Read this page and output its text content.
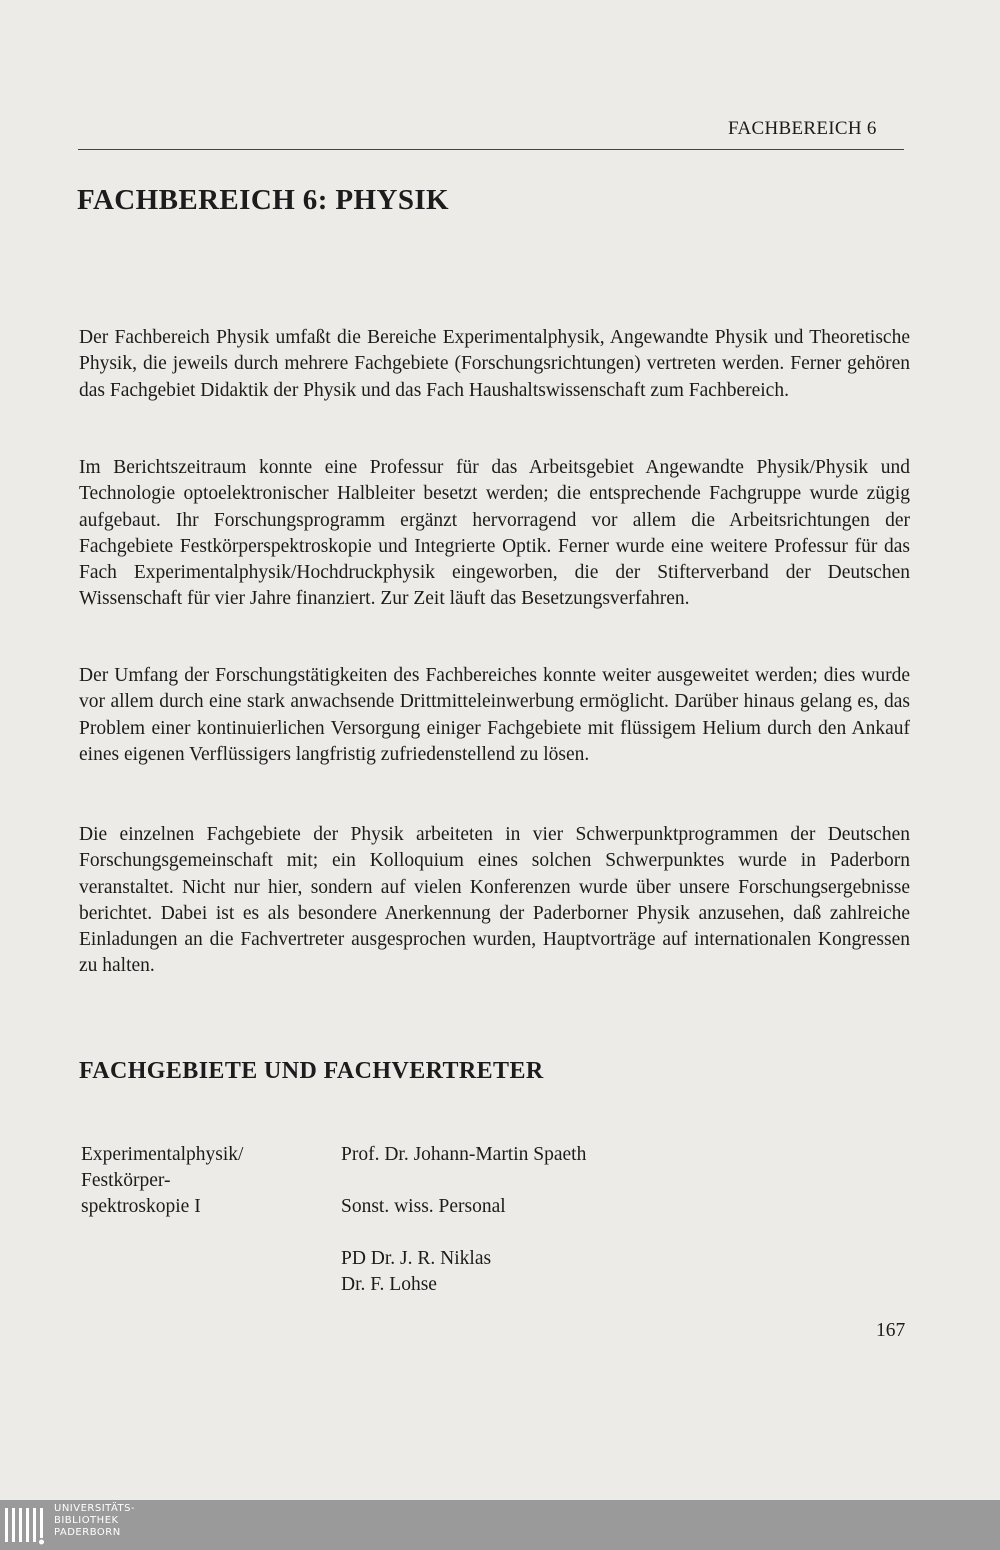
FACHBEREICH 6
FACHBEREICH 6: PHYSIK

Der Fachbereich Physik umfaßt die Bereiche Experimentalphysik, Angewandte Physik und Theoretische Physik, die jeweils durch mehrere Fachgebiete (Forschungsrichtungen) vertreten werden. Ferner gehören das Fachgebiet Didaktik der Physik und das Fach Haushaltswissenschaft zum Fachbereich.

Im Berichtszeitraum konnte eine Professur für das Arbeitsgebiet Angewandte Physik/Physik und Technologie optoelektronischer Halbleiter besetzt werden; die entsprechende Fachgruppe wurde zügig aufgebaut. Ihr Forschungsprogramm ergänzt hervorragend vor allem die Arbeitsrichtungen der Fachgebiete Festkörperspektroskopie und Integrierte Optik. Ferner wurde eine weitere Professur für das Fach Experimentalphysik/Hochdruckphysik eingeworben, die der Stifterverband der Deutschen Wissenschaft für vier Jahre finanziert. Zur Zeit läuft das Besetzungsverfahren.

Der Umfang der Forschungstätigkeiten des Fachbereiches konnte weiter ausgeweitet werden; dies wurde vor allem durch eine stark anwachsende Drittmitteleinwerbung ermöglicht. Darüber hinaus gelang es, das Problem einer kontinuierlichen Versorgung einiger Fachgebiete mit flüssigem Helium durch den Ankauf eines eigenen Verflüssigers langfristig zufriedenstellend zu lösen.

Die einzelnen Fachgebiete der Physik arbeiteten in vier Schwerpunktprogrammen der Deutschen Forschungsgemeinschaft mit; ein Kolloquium eines solchen Schwerpunktes wurde in Paderborn veranstaltet. Nicht nur hier, sondern auf vielen Konferenzen wurde über unsere Forschungsergebnisse berichtet. Dabei ist es als besondere Anerkennung der Paderborner Physik anzusehen, daß zahlreiche Einladungen an die Fachvertreter ausgesprochen wurden, Hauptvorträge auf internationalen Kongressen zu halten.

FACHGEBIETE UND FACHVERTRETER
Experimentalphysik/
Festkörper-
spektroskopie I
Prof. Dr. Johann-Martin Spaeth
Sonst. wiss. Personal
PD Dr. J. R. Niklas
Dr. F. Lohse
167
UNIVERSITÄTS-
BIBLIOTHEK
PADERBORN
